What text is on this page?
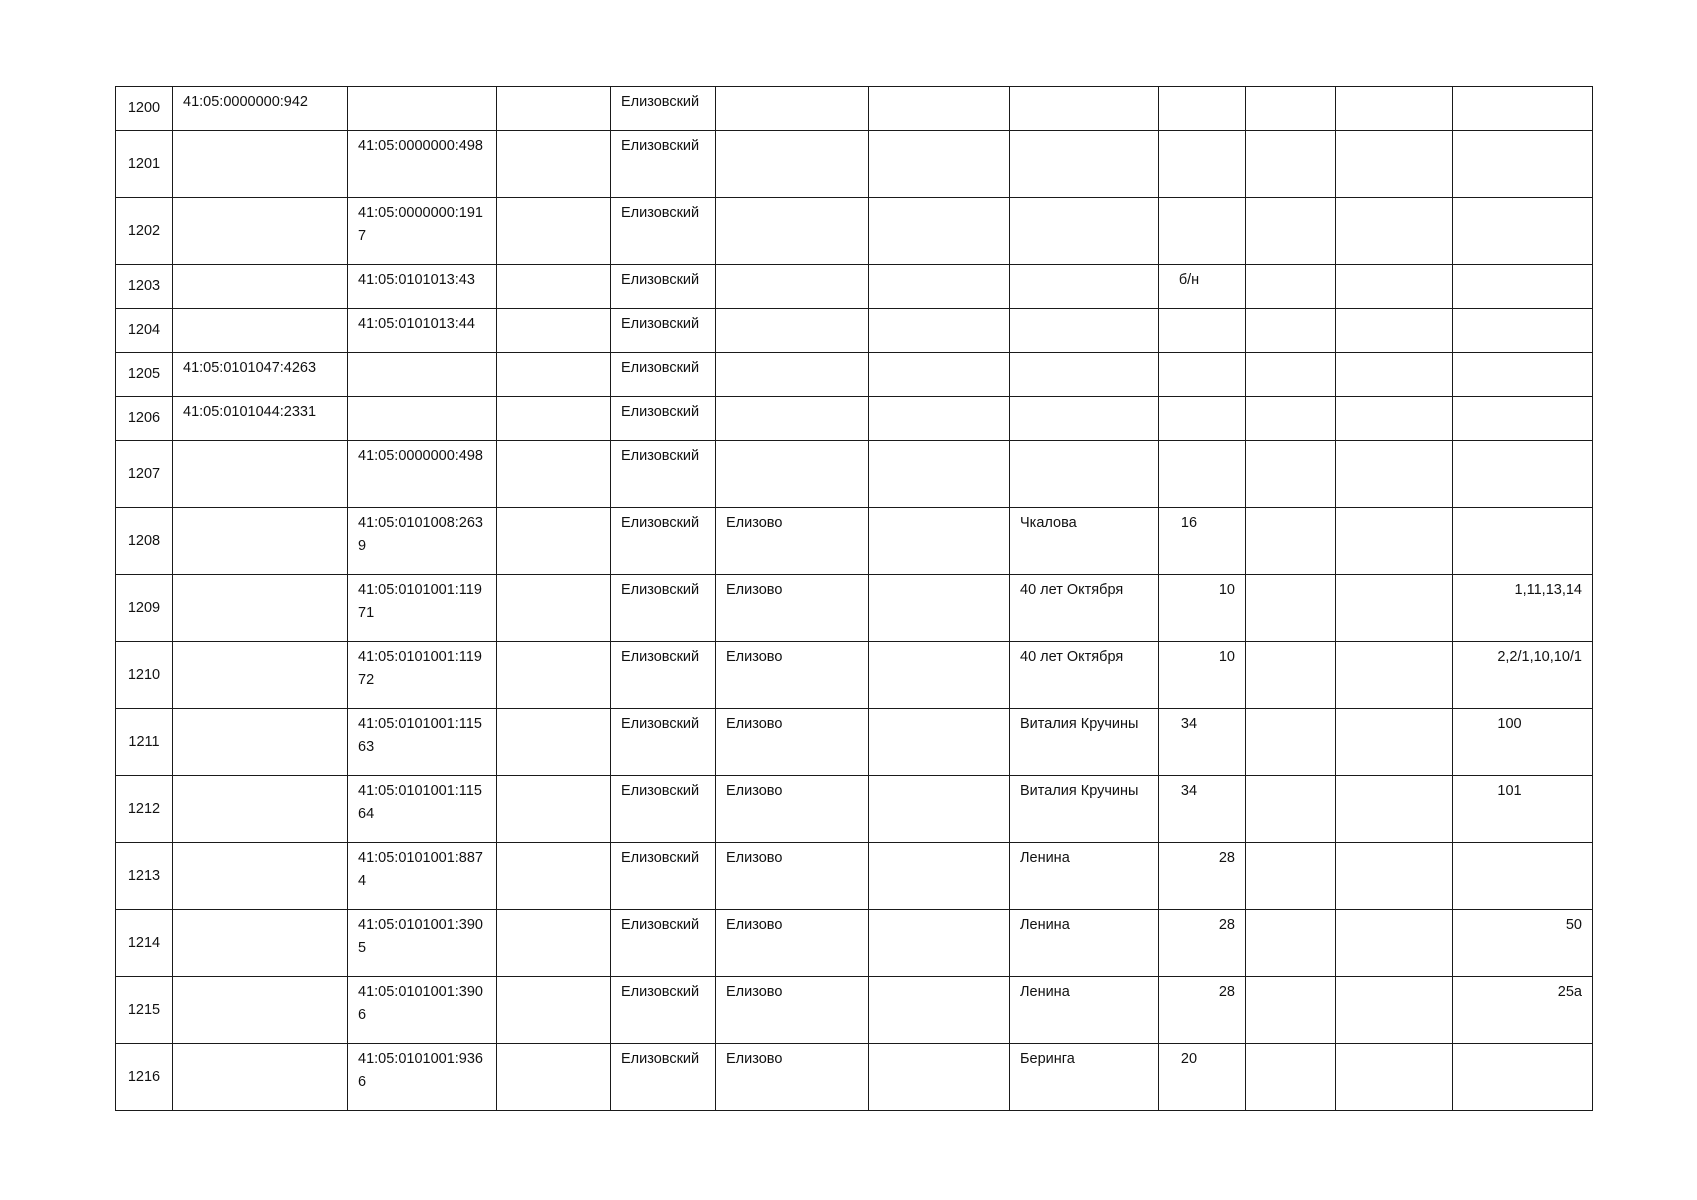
1200	41:05:0000000:942			Елизовский							

1201		41:05:0000000:498		Елизовский							

1202		41:05:0000000:1917		Елизовский							

1203		41:05:0101013:43		Елизовский				б/н			

1204		41:05:0101013:44		Елизовский							

1205	41:05:0101047:4263			Елизовский							

1206	41:05:0101044:2331			Елизовский							

1207		41:05:0000000:498		Елизовский							

1208		41:05:0101008:2639		Елизовский	Елизово		Чкалова	16			

1209		41:05:0101001:11971		Елизовский	Елизово		40 лет Октября	10			1,11,13,14

1210		41:05:0101001:11972		Елизовский	Елизово		40 лет Октября	10			2,2/1,10,10/1

1211		41:05:0101001:11563		Елизовский	Елизово		Виталия Кручины	34			100

1212		41:05:0101001:11564		Елизовский	Елизово		Виталия Кручины	34			101

1213		41:05:0101001:8874		Елизовский	Елизово		Ленина	28			

1214		41:05:0101001:3905		Елизовский	Елизово		Ленина	28			50

1215		41:05:0101001:3906		Елизовский	Елизово		Ленина	28			25а

1216		41:05:0101001:9366		Елизовский	Елизово		Беринга	20			
